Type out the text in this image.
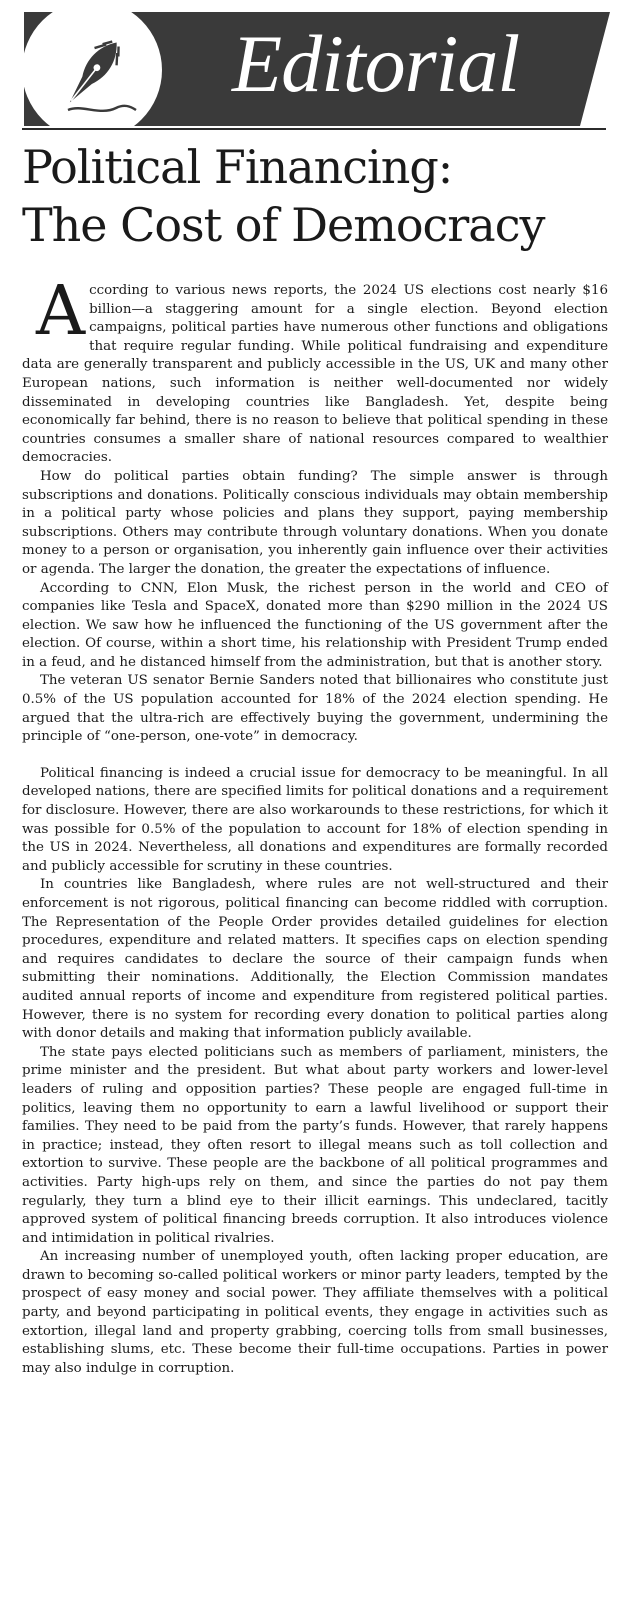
Editorial
Political Financing:
The Cost of Democracy

According to various news reports, the 2024 US elections cost nearly $16 billion—a staggering amount for a single election. Beyond election campaigns, political parties have numerous other functions and obligations that require regular funding. While political fundraising and expenditure data are generally transparent and publicly accessible in the US, UK and many other European nations, such information is neither well-documented nor widely disseminated in developing countries like Bangladesh. Yet, despite being economically far behind, there is no reason to believe that political spending in these countries consumes a smaller share of national resources compared to wealthier democracies.

How do political parties obtain funding? The simple answer is through subscriptions and donations. Politically conscious individuals may obtain membership in a political party whose policies and plans they support, paying membership subscriptions. Others may contribute through voluntary donations. When you donate money to a person or organisation, you inherently gain influence over their activities or agenda. The larger the donation, the greater the expectations of influence.

According to CNN, Elon Musk, the richest person in the world and CEO of companies like Tesla and SpaceX, donated more than $290 million in the 2024 US election. We saw how he influenced the functioning of the US government after the election. Of course, within a short time, his relationship with President Trump ended in a feud, and he distanced himself from the administration, but that is another story.

The veteran US senator Bernie Sanders noted that billionaires who constitute just 0.5% of the US population accounted for 18% of the 2024 election spending. He argued that the ultra-rich are effectively buying the government, undermining the principle of “one-person, one-vote” in democracy.

Political financing is indeed a crucial issue for democracy to be meaningful. In all developed nations, there are specified limits for political donations and a requirement for disclosure. However, there are also workarounds to these restrictions, for which it was possible for 0.5% of the population to account for 18% of election spending in the US in 2024. Nevertheless, all donations and expenditures are formally recorded and publicly accessible for scrutiny in these countries.

In countries like Bangladesh, where rules are not well-structured and their enforcement is not rigorous, political financing can become riddled with corruption. The Representation of the People Order provides detailed guidelines for election procedures, expenditure and related matters. It specifies caps on election spending and requires candidates to declare the source of their campaign funds when submitting their nominations. Additionally, the Election Commission mandates audited annual reports of income and expenditure from registered political parties. However, there is no system for recording every donation to political parties along with donor details and making that information publicly available.

The state pays elected politicians such as members of parliament, ministers, the prime minister and the president. But what about party workers and lower-level leaders of ruling and opposition parties? These people are engaged full-time in politics, leaving them no opportunity to earn a lawful livelihood or support their families. They need to be paid from the party’s funds. However, that rarely happens in practice; instead, they often resort to illegal means such as toll collection and extortion to survive. These people are the backbone of all political programmes and activities. Party high-ups rely on them, and since the parties do not pay them regularly, they turn a blind eye to their illicit earnings. This undeclared, tacitly approved system of political financing breeds corruption. It also introduces violence and intimidation in political rivalries.

An increasing number of unemployed youth, often lacking proper education, are drawn to becoming so-called political workers or minor party leaders, tempted by the prospect of easy money and social power. They affiliate themselves with a political party, and beyond participating in political events, they engage in activities such as extortion, illegal land and property grabbing, coercing tolls from small businesses, establishing slums, etc. These become their full-time occupations. Parties in power may also indulge in corruption.
